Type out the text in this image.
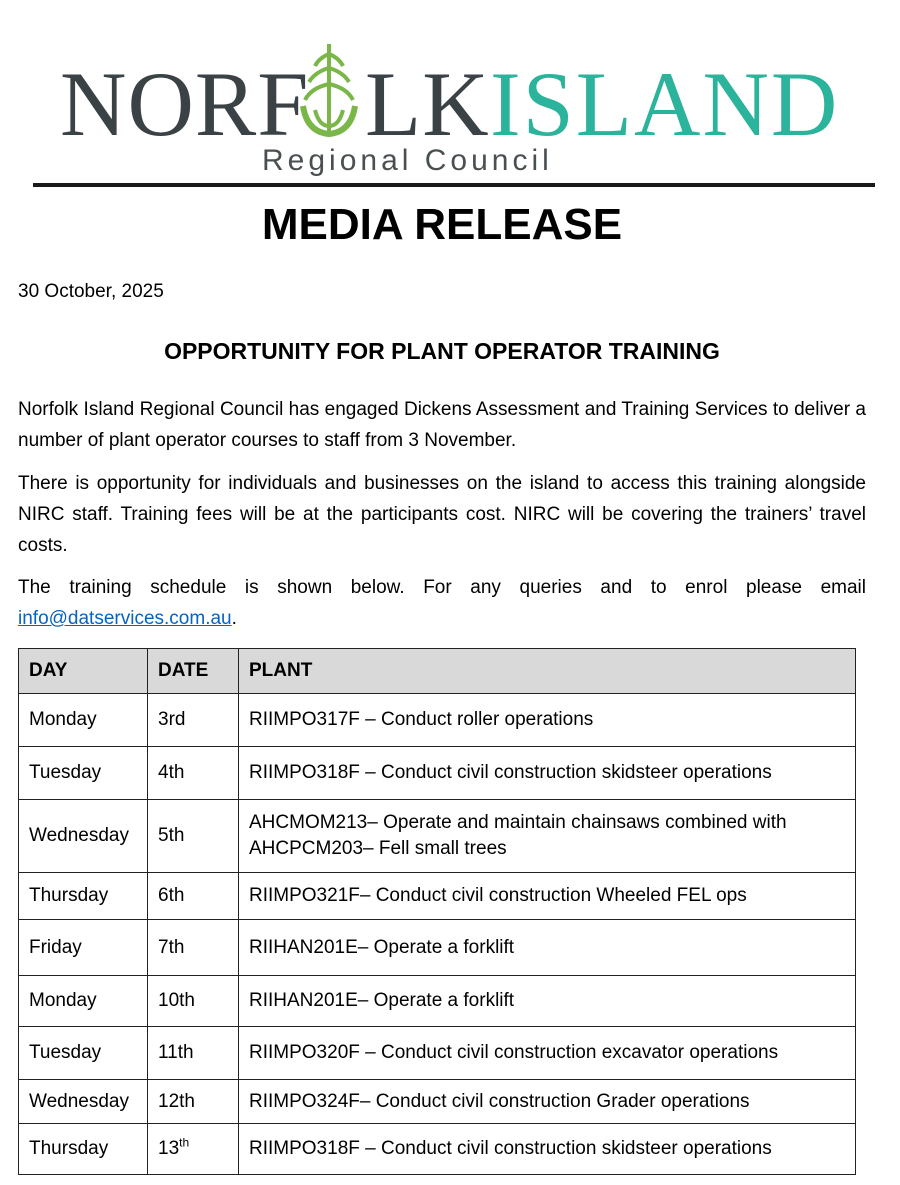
NORF LK ISLAND
Regional Council
MEDIA RELEASE
30 October, 2025
OPPORTUNITY FOR PLANT OPERATOR TRAINING

Norfolk Island Regional Council has engaged Dickens Assessment and Training Services to deliver a number of plant operator courses to staff from 3 November.

There is opportunity for individuals and businesses on the island to access this training alongside NIRC staff. Training fees will be at the participants cost. NIRC will be covering the trainers’ travel costs.

The training schedule is shown below. For any queries and to enrol please email info@datservices.com.au.

DAY	DATE	PLANT
Monday	3rd	RIIMPO317F – Conduct roller operations
Tuesday	4th	RIIMPO318F – Conduct civil construction skidsteer operations
Wednesday	5th	AHCMOM213– Operate and maintain chainsaws combined with
AHCPCM203– Fell small trees
Thursday	6th	RIIMPO321F– Conduct civil construction Wheeled FEL ops
Friday	7th	RIIHAN201E– Operate a forklift
Monday	10th	RIIHAN201E– Operate a forklift
Tuesday	11th	RIIMPO320F – Conduct civil construction excavator operations
Wednesday	12th	RIIMPO324F– Conduct civil construction Grader operations
Thursday	13th	RIIMPO318F – Conduct civil construction skidsteer operations
